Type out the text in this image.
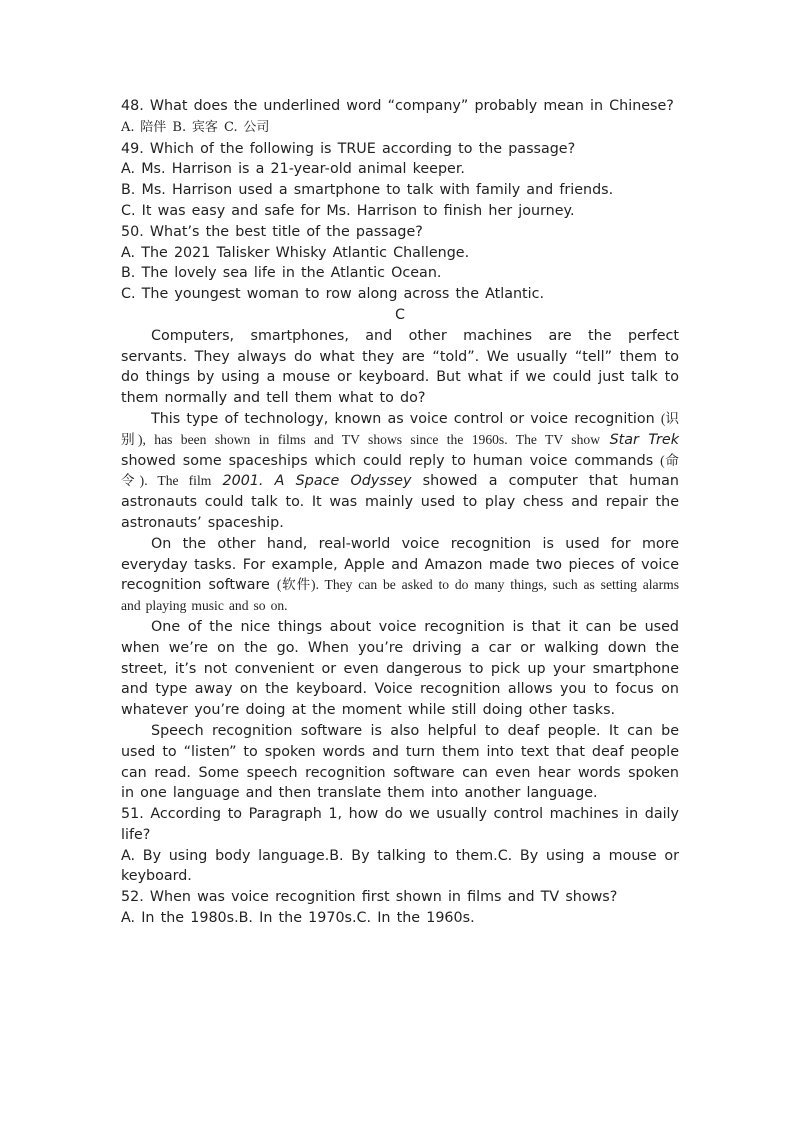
48. What does the underlined word “company” probably mean in Chinese?

A. 陪伴 B. 宾客 C. 公司

49. Which of the following is TRUE according to the passage?

A. Ms. Harrison is a 21-year-old animal keeper.

B. Ms. Harrison used a smartphone to talk with family and friends.

C. It was easy and safe for Ms. Harrison to finish her journey.

50. What’s the best title of the passage?

A. The 2021 Talisker Whisky Atlantic Challenge.

B. The lovely sea life in the Atlantic Ocean.

C. The youngest woman to row along across the Atlantic.

C

Computers, smartphones, and other machines are the perfect servants. They always do what they are “told”. We usually “tell” them to do things by using a mouse or keyboard. But what if we could just talk to them normally and tell them what to do?

This type of technology, known as voice control or voice recognition (识别), has been shown in films and TV shows since the 1960s. The TV show Star Trek showed some spaceships which could reply to human voice commands (命令). The film 2001. A Space Odyssey showed a computer that human astronauts could talk to. It was mainly used to play chess and repair the astronauts’ spaceship.

On the other hand, real-world voice recognition is used for more everyday tasks. For example, Apple and Amazon made two pieces of voice recognition software (软件). They can be asked to do many things, such as setting alarms and playing music and so on.

One of the nice things about voice recognition is that it can be used when we’re on the go. When you’re driving a car or walking down the street, it’s not convenient or even dangerous to pick up your smartphone and type away on the keyboard. Voice recognition allows you to focus on whatever you’re doing at the moment while still doing other tasks.

Speech recognition software is also helpful to deaf people. It can be used to “listen” to spoken words and turn them into text that deaf people can read. Some speech recognition software can even hear words spoken in one language and then translate them into another language.

51. According to Paragraph 1, how do we usually control machines in daily life?

A. By using body language.B. By talking to them.C. By using a mouse or keyboard.

52. When was voice recognition first shown in films and TV shows?

A. In the 1980s.B. In the 1970s.C. In the 1960s.
